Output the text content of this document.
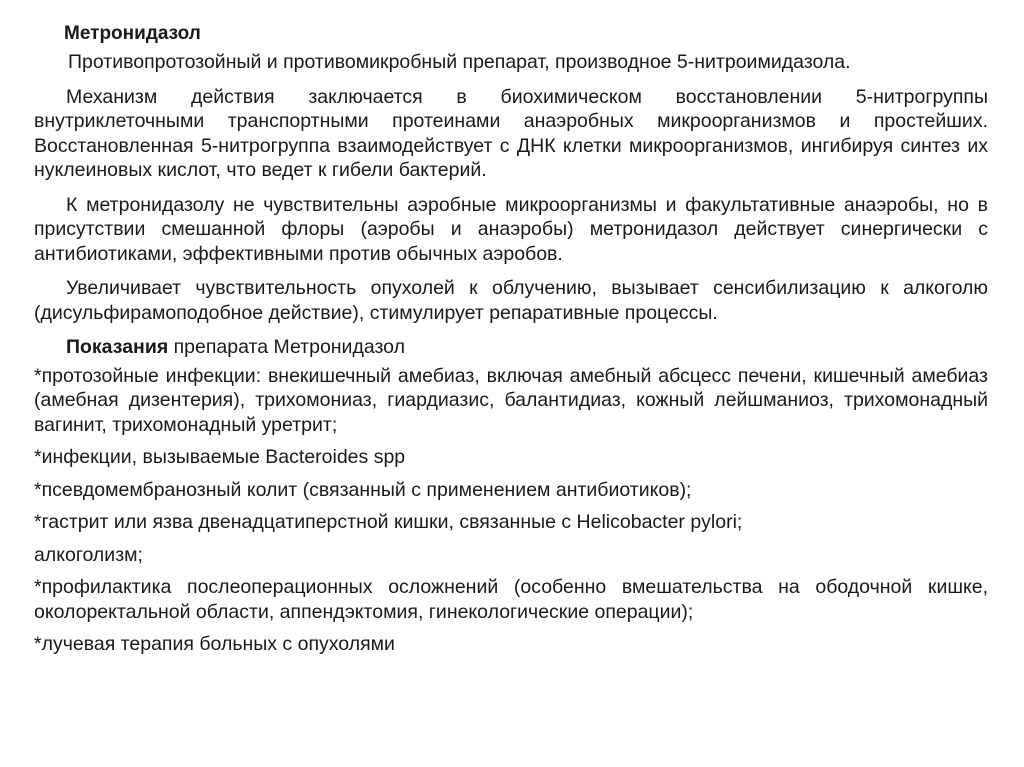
Метронидазол

Противопротозойный и противомикробный препарат, производное 5-нитроимидазола.

Механизм действия заключается в биохимическом восстановлении 5-нитрогруппы внутриклеточными транспортными протеинами анаэробных микроорганизмов и простейших. Восстановленная 5-нитрогруппа взаимодействует с ДНК клетки микроорганизмов, ингибируя синтез их нуклеиновых кислот, что ведет к гибели бактерий.

К метронидазолу не чувствительны аэробные микроорганизмы и факультативные анаэробы, но в присутствии смешанной флоры (аэробы и анаэробы) метронидазол действует синергически с антибиотиками, эффективными против обычных аэробов.

Увеличивает чувствительность опухолей к облучению, вызывает сенсибилизацию к алкоголю (дисульфирамоподобное действие), стимулирует репаративные процессы.

Показания препарата Метронидазол

*протозойные инфекции: внекишечный амебиаз, включая амебный абсцесс печени, кишечный амебиаз (амебная дизентерия), трихомониаз, гиардиазис, балантидиаз, кожный лейшманиоз, трихомонадный вагинит, трихомонадный уретрит;

*инфекции, вызываемые Bacteroides spp

*псевдомембранозный колит (связанный с применением антибиотиков);

*гастрит или язва двенадцатиперстной кишки, связанные с Helicobacter pylori;

алкоголизм;

*профилактика послеоперационных осложнений (особенно вмешательства на ободочной кишке, околоректальной области, аппендэктомия, гинекологические операции);

*лучевая терапия больных с опухолями
